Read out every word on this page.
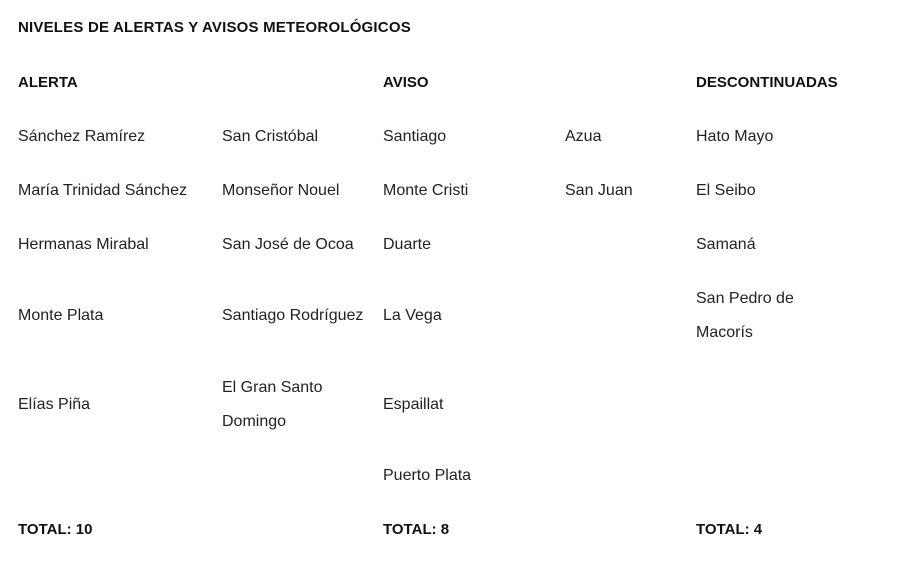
NIVELES DE ALERTAS Y AVISOS METEOROLÓGICOS
ALERTA		AVISO		DESCONTINUADAS
Sánchez Ramírez	San Cristóbal	Santiago	Azua	Hato Mayo
María Trinidad Sánchez	Monseñor Nouel	Monte Cristi	San Juan	El Seibo
Hermanas Mirabal	San José de Ocoa	Duarte		Samaná
Monte Plata	Santiago Rodríguez	La Vega		San Pedro de Macorís
Elías Piña	El Gran Santo Domingo	Espaillat		
		Puerto Plata		
TOTAL: 10		TOTAL: 8		TOTAL: 4
